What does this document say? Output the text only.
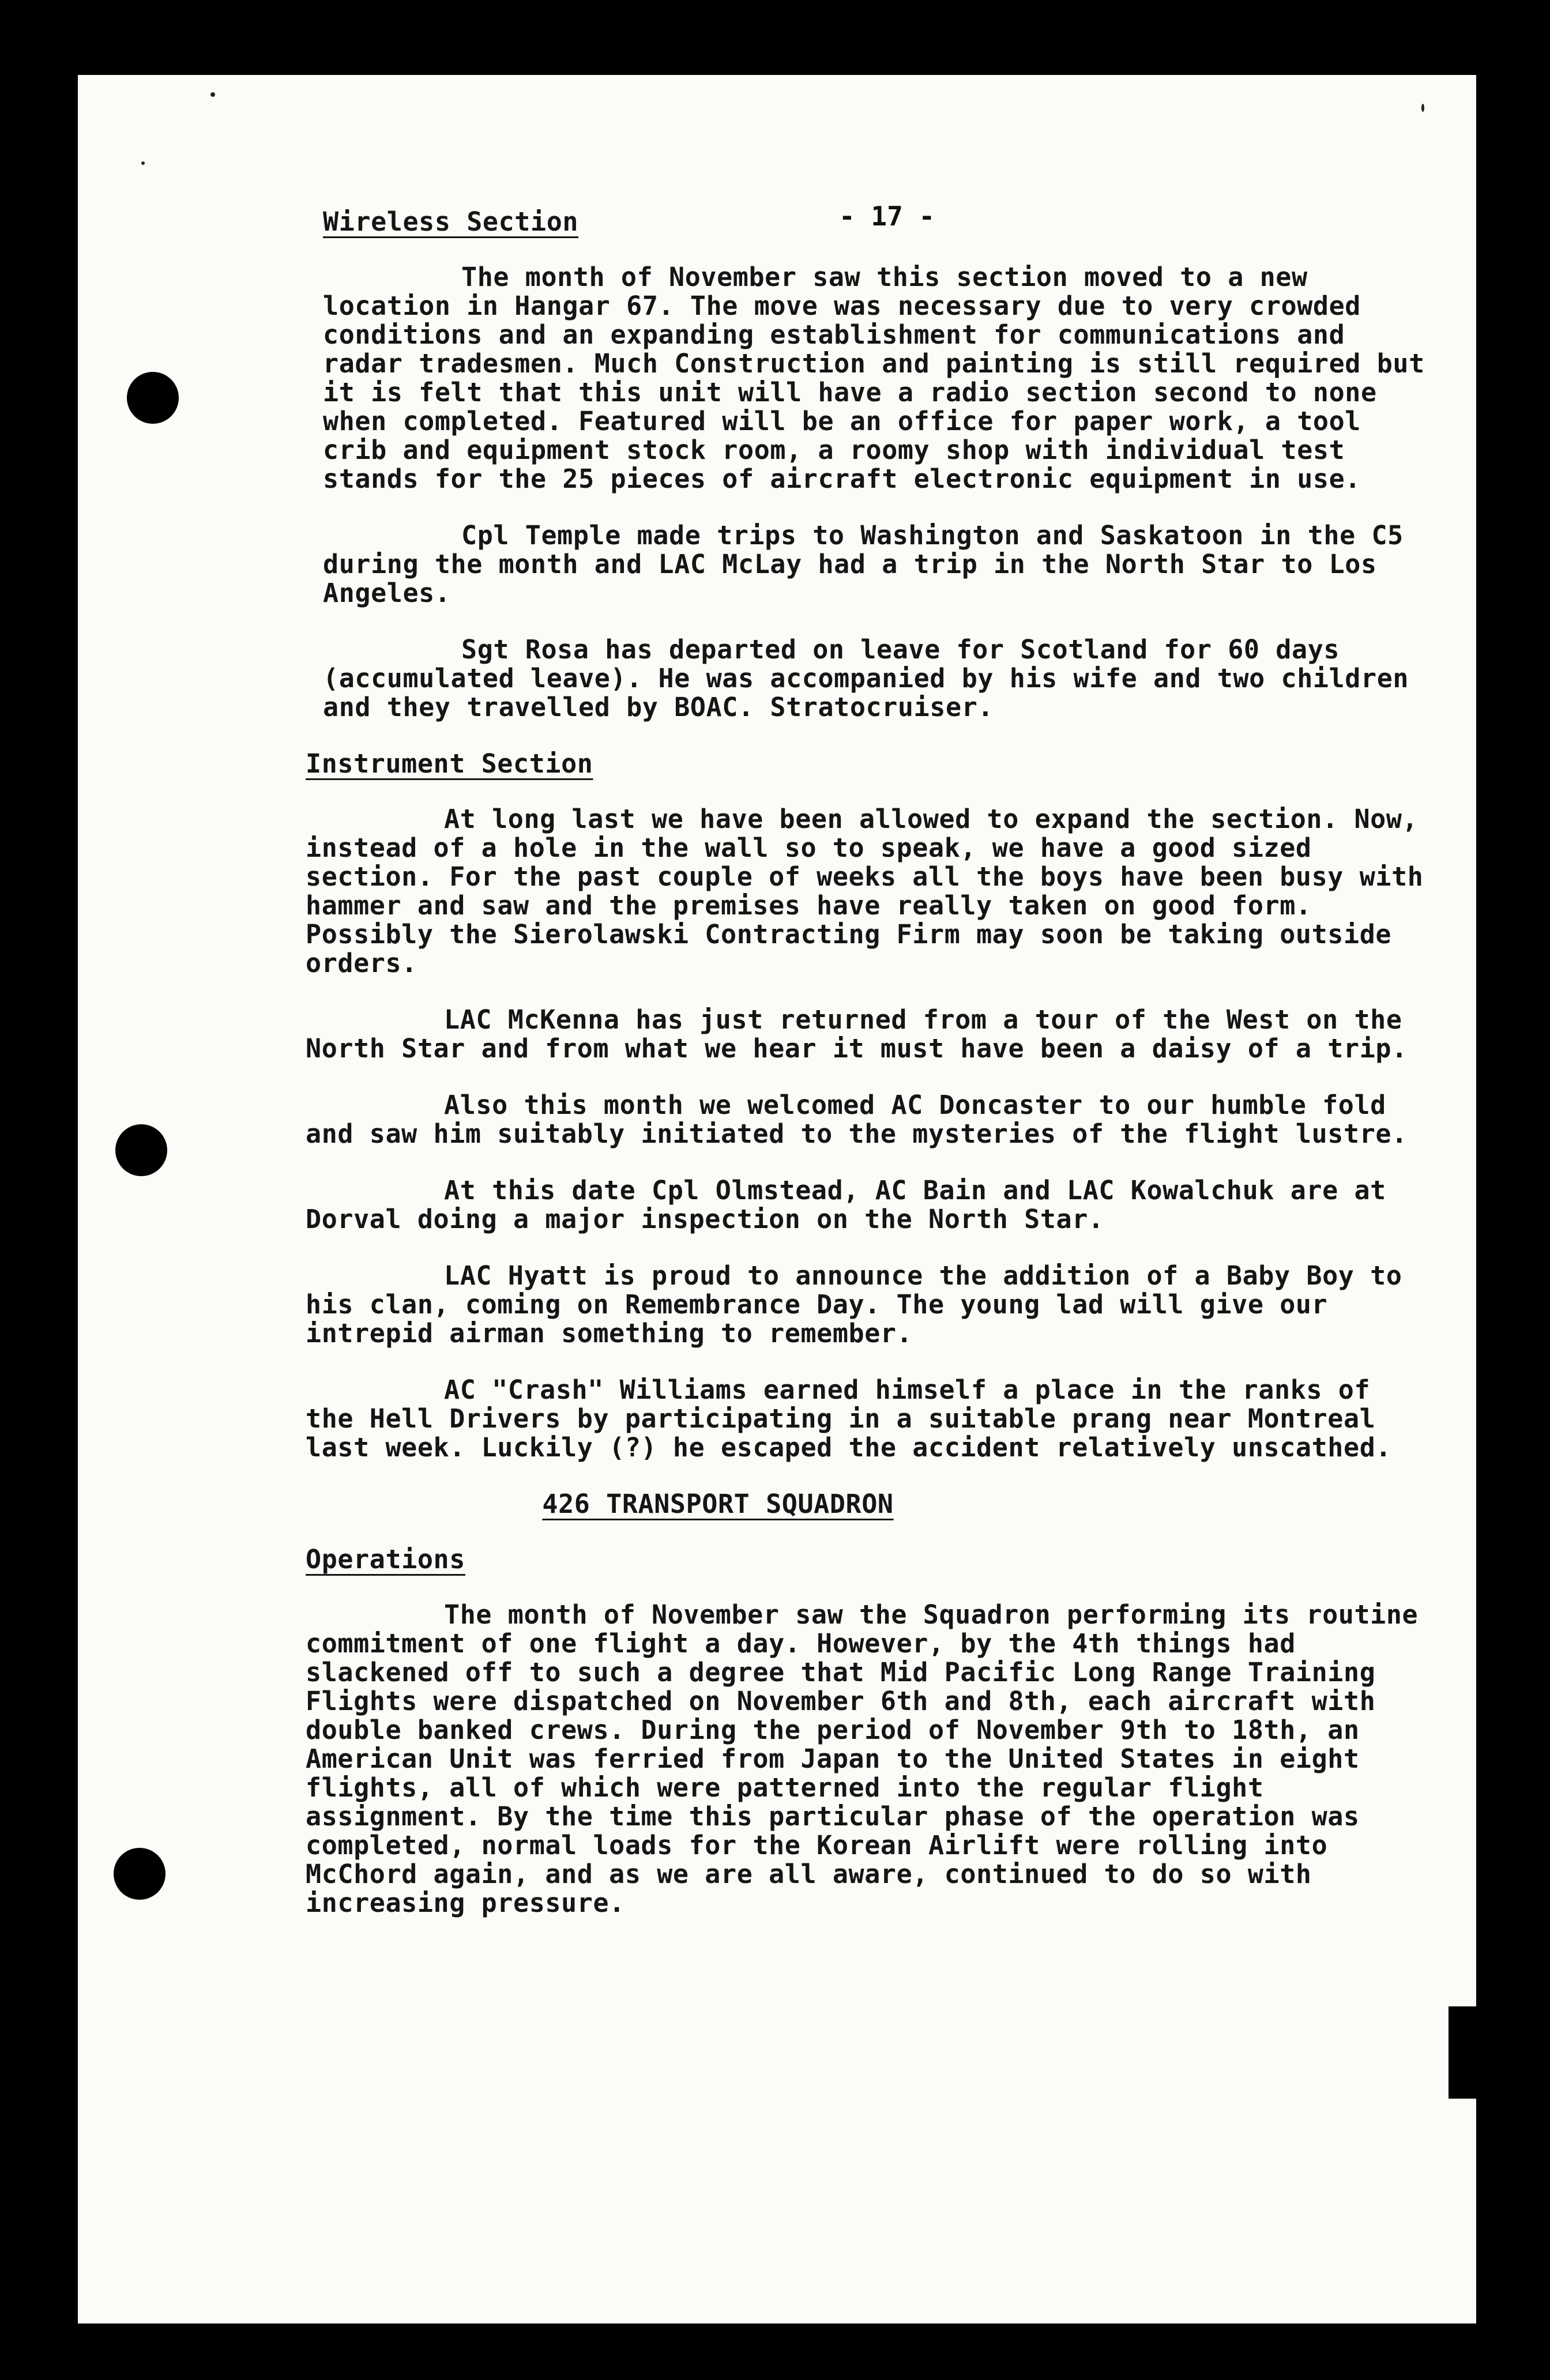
- 17 -
Wireless Section

The month of November saw this section moved to a new location in Hangar 67. The move was necessary due to very crowded conditions and an expanding establishment for communications and radar tradesmen. Much Construction and painting is still required but it is felt that this unit will have a radio section second to none when completed. Featured will be an office for paper work, a tool crib and equipment stock room, a roomy shop with individual test stands for the 25 pieces of aircraft electronic equipment in use.

Cpl Temple made trips to Washington and Saskatoon in the C5 during the month and LAC McLay had a trip in the North Star to Los Angeles.

Sgt Rosa has departed on leave for Scotland for 60 days (accumulated leave). He was accompanied by his wife and two children and they travelled by BOAC. Stratocruiser.

Instrument Section

At long last we have been allowed to expand the section. Now, instead of a hole in the wall so to speak, we have a good sized section. For the past couple of weeks all the boys have been busy with hammer and saw and the premises have really taken on good form. Possibly the Sierolawski Contracting Firm may soon be taking outside orders.

LAC McKenna has just returned from a tour of the West on the North Star and from what we hear it must have been a daisy of a trip.

Also this month we welcomed AC Doncaster to our humble fold and saw him suitably initiated to the mysteries of the flight lustre.

At this date Cpl Olmstead, AC Bain and LAC Kowalchuk are at Dorval doing a major inspection on the North Star.

LAC Hyatt is proud to announce the addition of a Baby Boy to his clan, coming on Remembrance Day. The young lad will give our intrepid airman something to remember.

AC "Crash" Williams earned himself a place in the ranks of the Hell Drivers by participating in a suitable prang near Montreal last week. Luckily (?) he escaped the accident relatively unscathed.

426 TRANSPORT SQUADRON
Operations

The month of November saw the Squadron performing its routine commitment of one flight a day. However, by the 4th things had slackened off to such a degree that Mid Pacific Long Range Training Flights were dispatched on November 6th and 8th, each aircraft with double banked crews. During the period of November 9th to 18th, an American Unit was ferried from Japan to the United States in eight flights, all of which were patterned into the regular flight assignment. By the time this particular phase of the operation was completed, normal loads for the Korean Airlift were rolling into McChord again, and as we are all aware, continued to do so with increasing pressure.
